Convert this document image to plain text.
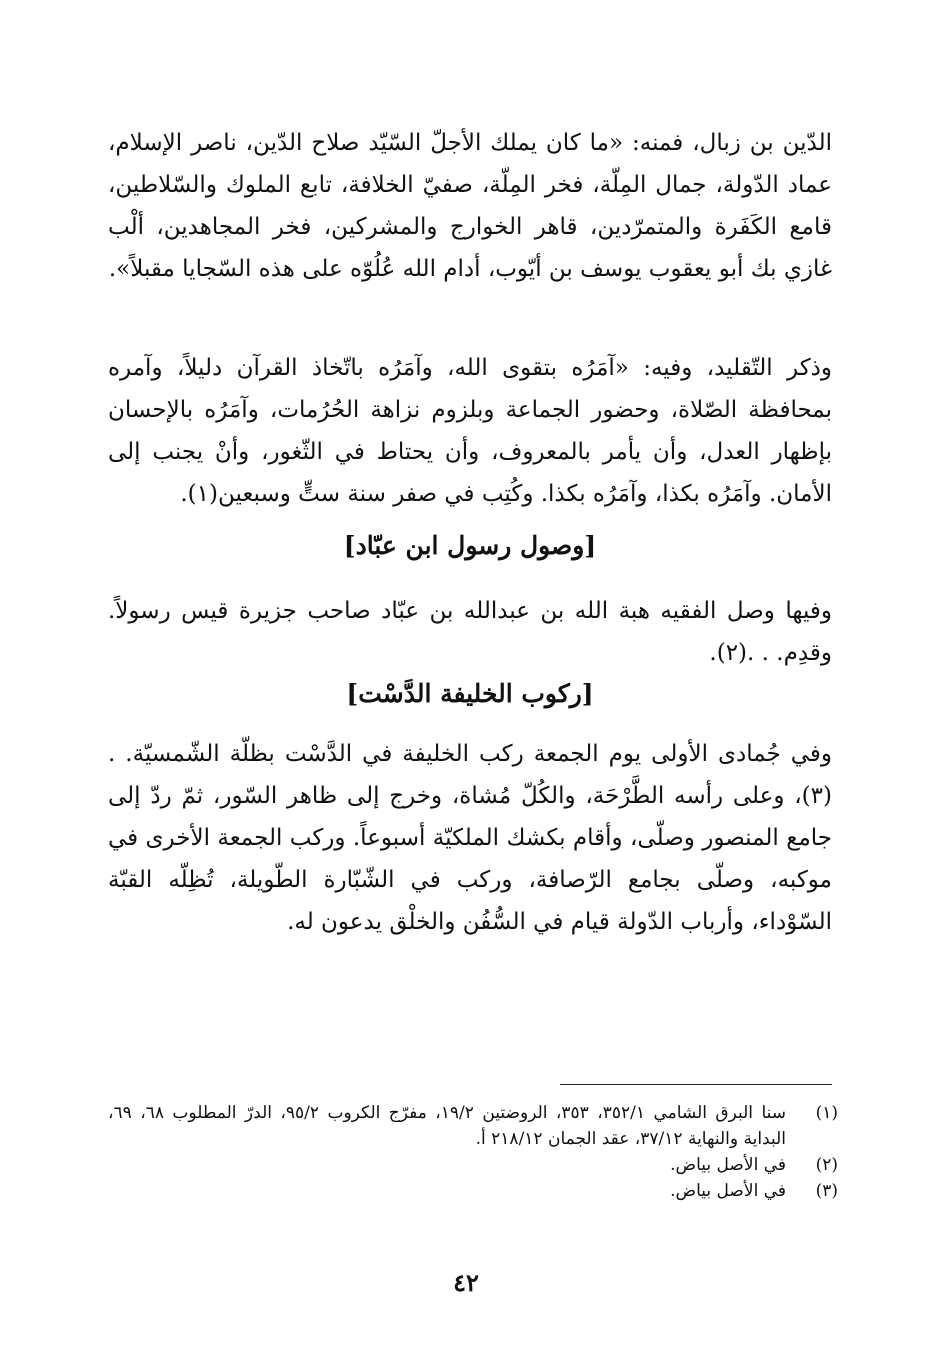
الدّين بن زبال، فمنه: «ما كان يملك الأجلّ السّيّد صلاح الدّين، ناصر الإسلام، عماد الدّولة، جمال المِلّة، فخر المِلّة، صفيّ الخلافة، تابع الملوك والسّلاطين، قامع الكَفَرة والمتمرّدين، قاهر الخوارج والمشركين، فخر المجاهدين، ألْب غازي بك أبو يعقوب يوسف بن أيّوب، أدام الله عُلُوّه على هذه السّجايا مقبلاً».

وذكر التّقليد، وفيه: «آمَرُه بتقوى الله، وآمَرُه باتّخاذ القرآن دليلاً، وآمره بمحافظة الصّلاة، وحضور الجماعة وبلزوم نزاهة الحُرُمات، وآمَرُه بالإحسان بإظهار العدل، وأن يأمر بالمعروف، وأن يحتاط في الثّغور، وأنْ يجنب إلى الأمان. وآمَرُه بكذا، وآمَرُه بكذا. وكُتِب في صفر سنة ستٍّ وسبعين(١).

[وصول رسول ابن عبّاد]

وفيها وصل الفقيه هبة الله بن عبدالله بن عبّاد صاحب جزيرة قيس رسولاً. وقدِم. . .(٢).

[ركوب الخليفة الدَّسْت]

وفي جُمادى الأولى يوم الجمعة ركب الخليفة في الدَّسْت بظلّة الشّمسيّة. .(٣)، وعلى رأسه الطَّرْحَة، والكُلّ مُشاة، وخرج إلى ظاهر السّور، ثمّ ردّ إلى جامع المنصور وصلّى، وأقام بكشك الملكيّة أسبوعاً. وركب الجمعة الأخرى في موكبه، وصلّى بجامع الرّصافة، وركب في الشّبّارة الطّويلة، تُظِلّه القبّة السّوْداء، وأرباب الدّولة قيام في السُّفُن والخلْق يدعون له.

(١)
سنا البرق الشامي ٣٥٢/١، ٣٥٣، الروضتين ١٩/٢، مفرّج الكروب ٩٥/٢، الدرّ المطلوب ٦٨، ٦٩، البداية والنهاية ٣٧/١٢، عقد الجمان ٢١٨/١٢ أ.
(٢)
في الأصل بياض.
(٣)
في الأصل بياض.
٤٢
